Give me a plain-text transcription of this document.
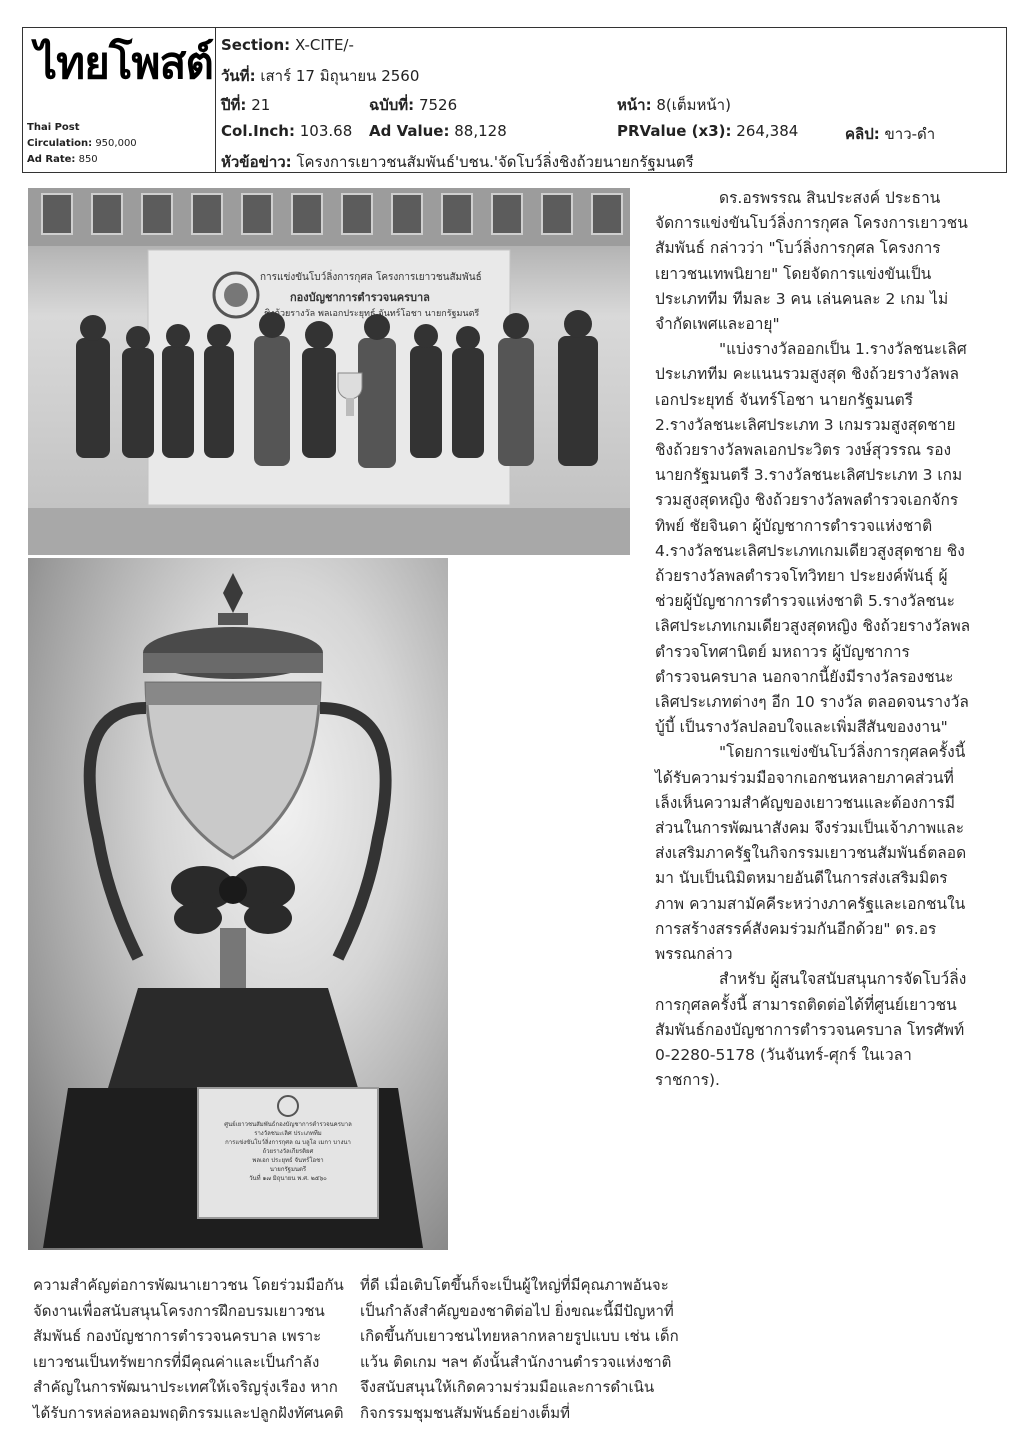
ไทยโพสต์
Thai Post
Circulation: 950,000
Ad Rate: 850
Section: X-CITE/-
วันที่: เสาร์ 17 มิถุนายน 2560
ปีที่: 21	ฉบับที่: 7526	หน้า: 8(เต็มหน้า)
Col.Inch: 103.68 Ad Value: 88,128	PRValue (x3): 264,384	คลิป: ขาว-ดำ
หัวข้อข่าว: โครงการเยาวชนสัมพันธ์'บชน.'จัดโบว์ลิ่งชิงถ้วยนายกรัฐมนตรี
การแข่งขันโบว์ลิ่งการกุศล โครงการเยาวชนสัมพันธ์
กองบัญชาการตำรวจนครบาล
ชิงถ้วยรางวัล พลเอกประยุทธ์ จันทร์โอชา นายกรัฐมนตรี
ศูนย์เยาวชนสัมพันธ์กองบัญชาการตำรวจนครบาล
รางวัลชนะเลิศ ประเภททีม
การแข่งขันโบว์ลิ่งการกุศล ณ บลูโอ เมกา บางนา
ถ้วยรางวัลเกียรติยศ
พลเอก ประยุทธ์ จันทร์โอชา
นายกรัฐมนตรี
วันที่ ๑๗ มิถุนายน พ.ศ. ๒๕๖๐

ดร.อรพรรณ สินประสงค์ ประธานจัดการแข่งขันโบว์ลิ่งการกุศล โครงการเยาวชนสัมพันธ์ กล่าวว่า "โบว์ลิ่งการกุศล โครงการเยาวชนเทพนิยาย" โดยจัดการแข่งขันเป็นประเภททีม ทีมละ 3 คน เล่นคนละ 2 เกม ไม่จำกัดเพศและอายุ"

"แบ่งรางวัลออกเป็น 1.รางวัลชนะเลิศประเภททีม คะแนนรวมสูงสุด ชิงถ้วยรางวัลพลเอกประยุทธ์ จันทร์โอชา นายกรัฐมนตรี 2.รางวัลชนะเลิศประเภท 3 เกมรวมสูงสุดชาย ชิงถ้วยรางวัลพลเอกประวิตร วงษ์สุวรรณ รองนายกรัฐมนตรี 3.รางวัลชนะเลิศประเภท 3 เกมรวมสูงสุดหญิง ชิงถ้วยรางวัลพลตำรวจเอกจักรทิพย์ ชัยจินดา ผู้บัญชาการตำรวจแห่งชาติ 4.รางวัลชนะเลิศประเภทเกมเดียวสูงสุดชาย ชิงถ้วยรางวัลพลตำรวจโทวิทยา ประยงค์พันธุ์ ผู้ช่วยผู้บัญชาการตำรวจแห่งชาติ 5.รางวัลชนะเลิศประเภทเกมเดียวสูงสุดหญิง ชิงถ้วยรางวัลพลตำรวจโทศานิตย์ มหถาวร ผู้บัญชาการตำรวจนครบาล นอกจากนี้ยังมีรางวัลรองชนะเลิศประเภทต่างๆ อีก 10 รางวัล ตลอดจนรางวัลบู้บี้ เป็นรางวัลปลอบใจและเพิ่มสีสันของงาน"

"โดยการแข่งขันโบว์ลิ่งการกุศลครั้งนี้ได้รับความร่วมมือจากเอกชนหลายภาคส่วนที่เล็งเห็นความสำคัญของเยาวชนและต้องการมีส่วนในการพัฒนาสังคม จึงร่วมเป็นเจ้าภาพและส่งเสริมภาครัฐในกิจกรรมเยาวชนสัมพันธ์ตลอดมา นับเป็นนิมิตหมายอันดีในการส่งเสริมมิตรภาพ ความสามัคคีระหว่างภาครัฐและเอกชนในการสร้างสรรค์สังคมร่วมกันอีกด้วย" ดร.อรพรรณกล่าว

สำหรับ ผู้สนใจสนับสนุนการจัดโบว์ลิ่งการกุศลครั้งนี้ สามารถติดต่อได้ที่ศูนย์เยาวชนสัมพันธ์กองบัญชาการตำรวจนครบาล โทรศัพท์ 0-2280-5178 (วันจันทร์-ศุกร์ ในเวลาราชการ).

ความสำคัญต่อการพัฒนาเยาวชน โดยร่วมมือกันจัดงานเพื่อสนับสนุนโครงการฝึกอบรมเยาวชนสัมพันธ์ กองบัญชาการตำรวจนครบาล เพราะเยาวชนเป็นทรัพยากรที่มีคุณค่าและเป็นกำลังสำคัญในการพัฒนาประเทศให้เจริญรุ่งเรือง หากได้รับการหล่อหลอมพฤติกรรมและปลูกฝังทัศนคติ

ที่ดี เมื่อเติบโตขึ้นก็จะเป็นผู้ใหญ่ที่มีคุณภาพอันจะเป็นกำลังสำคัญของชาติต่อไป ยิ่งขณะนี้มีปัญหาที่เกิดขึ้นกับเยาวชนไทยหลากหลายรูปแบบ เช่น เด็กแว้น ติดเกม ฯลฯ ดังนั้นสำนักงานตำรวจแห่งชาติจึงสนับสนุนให้เกิดความร่วมมือและการดำเนินกิจกรรมชุมชนสัมพันธ์อย่างเต็มที่
